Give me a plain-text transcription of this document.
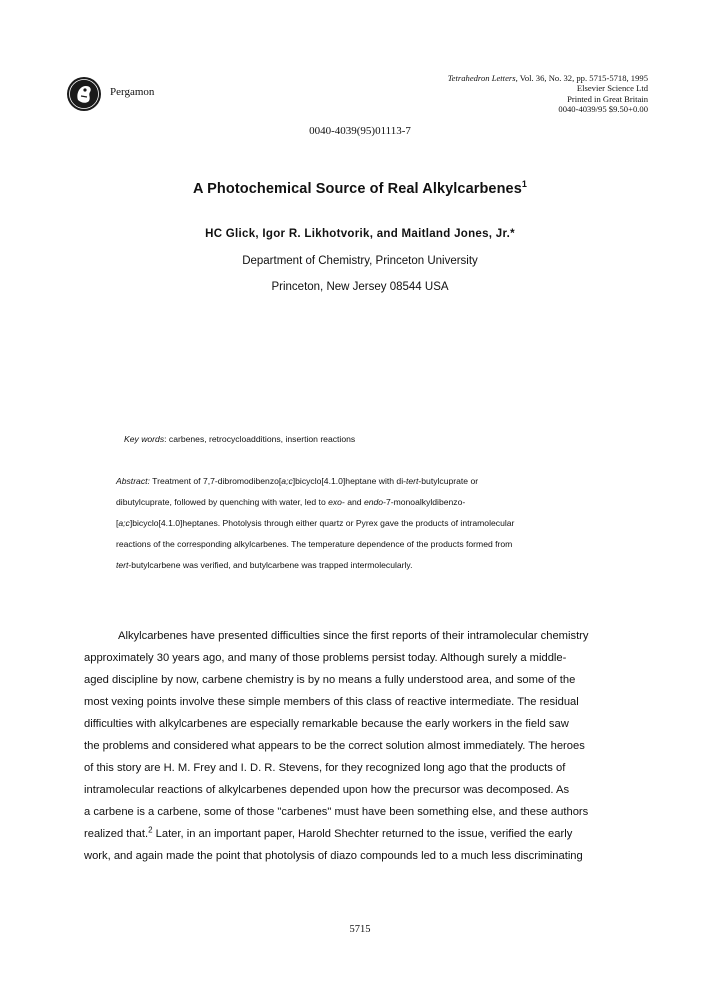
Pergamon
Tetrahedron Letters, Vol. 36, No. 32, pp. 5715-5718, 1995
Elsevier Science Ltd
Printed in Great Britain
0040-4039/95 $9.50+0.00
0040-4039(95)01113-7
A Photochemical Source of Real Alkylcarbenes$^1$
HC Glick, Igor R. Likhotvorik, and Maitland Jones, Jr.*
Department of Chemistry, Princeton University
Princeton, New Jersey 08544 USA
Key words: carbenes, retrocycloadditions, insertion reactions
Abstract: Treatment of 7,7-dibromodibenzo[a;c]bicyclo[4.1.0]heptane with di-tert-butylcuprate or
dibutylcuprate, followed by quenching with water, led to exo- and endo-7-monoalkyldibenzo-
[a;c]bicyclo[4.1.0]heptanes. Photolysis through either quartz or Pyrex gave the products of intramolecular
reactions of the corresponding alkylcarbenes. The temperature dependence of the products formed from
tert-butylcarbene was verified, and butylcarbene was trapped intermolecularly.
Alkylcarbenes have presented difficulties since the first reports of their intramolecular chemistry
approximately 30 years ago, and many of those problems persist today. Although surely a middle-
aged discipline by now, carbene chemistry is by no means a fully understood area, and some of the
most vexing points involve these simple members of this class of reactive intermediate. The residual
difficulties with alkylcarbenes are especially remarkable because the early workers in the field saw
the problems and considered what appears to be the correct solution almost immediately. The heroes
of this story are H. M. Frey and I. D. R. Stevens, for they recognized long ago that the products of
intramolecular reactions of alkylcarbenes depended upon how the precursor was decomposed. As
a carbene is a carbene, some of those "carbenes" must have been something else, and these authors
realized that.$^2$ Later, in an important paper, Harold Shechter returned to the issue, verified the early
work, and again made the point that photolysis of diazo compounds led to a much less discriminating
5715
